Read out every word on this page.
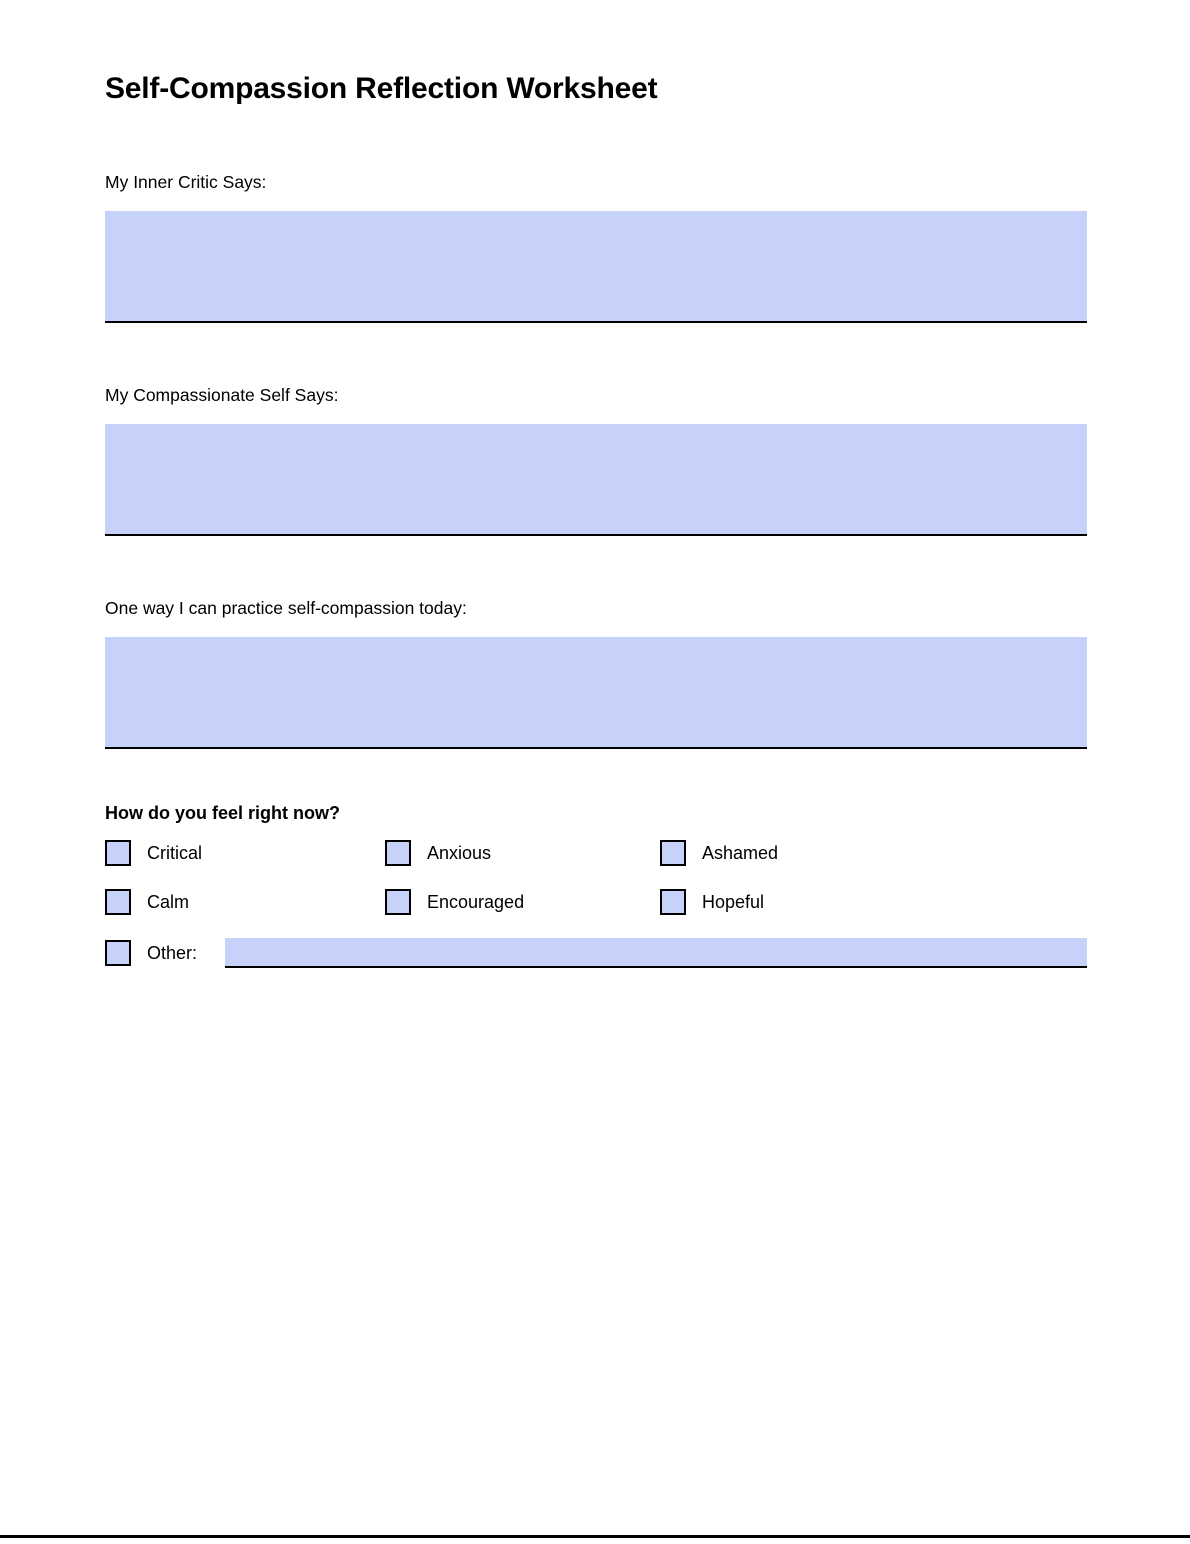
Self-Compassion Reflection Worksheet

My Inner Critic Says:

My Compassionate Self Says:

One way I can practice self-compassion today:

How do you feel right now?

Critical	Anxious	Ashamed
Calm	Encouraged	Hopeful
Other:
